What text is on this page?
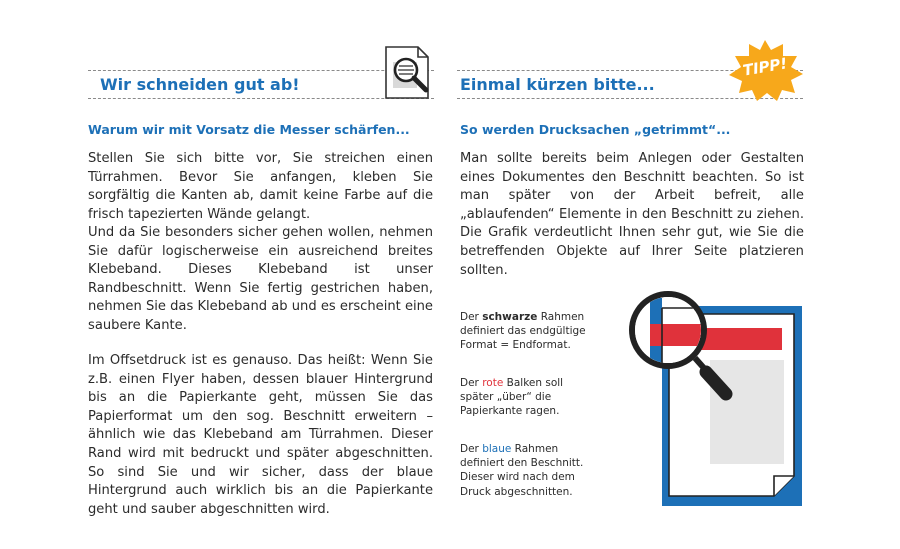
Wir schneiden gut ab!
Warum wir mit Vorsatz die Messer schärfen...

Stellen Sie sich bitte vor, Sie streichen einen Türrahmen. Bevor Sie anfangen, kleben Sie sorgfältig die Kanten ab, damit keine Farbe auf die frisch tapezierten Wände gelangt.

Und da Sie besonders sicher gehen wollen, nehmen Sie dafür logischerweise ein ausreichend breites Klebeband. Dieses Klebeband ist unser Randbeschnitt. Wenn Sie fertig gestrichen haben, nehmen Sie das Klebeband ab und es erscheint eine saubere Kante.

Im Offsetdruck ist es genauso. Das heißt: Wenn Sie z.B. einen Flyer haben, dessen blauer Hintergrund bis an die Papierkante geht, müssen Sie das Papierformat um den sog. Beschnitt erweitern – ähnlich wie das Klebeband am Türrahmen. Dieser Rand wird mit bedruckt und später abgeschnitten. So sind Sie und wir sicher, dass der blaue Hintergrund auch wirklich bis an die Papierkante geht und sauber abgeschnitten wird.

Einmal kürzen bitte...
TIPP!
So werden Drucksachen „getrimmt“...

Man sollte bereits beim Anlegen oder Gestalten eines Dokumentes den Beschnitt beachten. So ist man später von der Arbeit befreit, alle „ablaufenden“ Elemente in den Beschnitt zu ziehen. Die Grafik verdeutlicht Ihnen sehr gut, wie Sie die betreffenden Objekte auf Ihrer Seite platzieren sollten.

Der schwarze Rahmen definiert das endgültige Format = Endformat.

Der rote Balken soll später „über“ die Papierkante ragen.

Der blaue Rahmen definiert den Beschnitt. Dieser wird nach dem Druck abgeschnitten.
